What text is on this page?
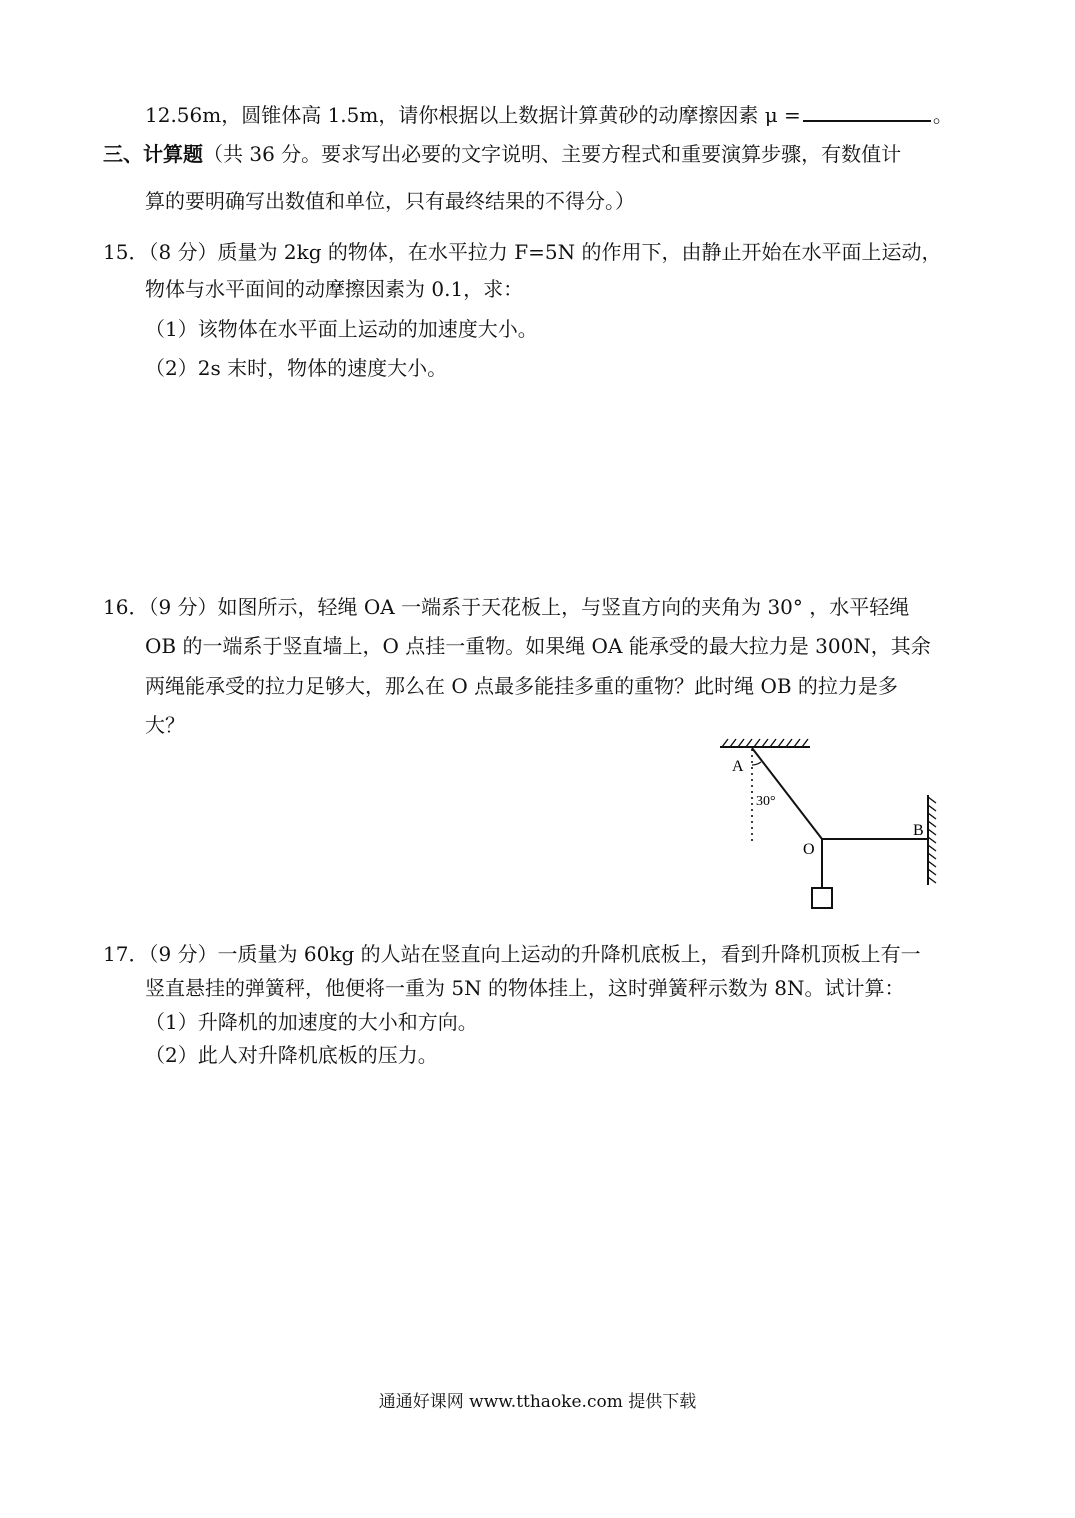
12.56m，圆锥体高 1.5m，请你根据以上数据计算黄砂的动摩擦因素 μ =	。
三、计算题（共 36 分。要求写出必要的文字说明、主要方程式和重要演算步骤，有数值计
算的要明确写出数值和单位，只有最终结果的不得分。）
15．（8 分）质量为 2kg 的物体，在水平拉力 F=5N 的作用下，由静止开始在水平面上运动，
物体与水平面间的动摩擦因素为 0.1，求：
（1）该物体在水平面上运动的加速度大小。
（2）2s 末时，物体的速度大小。
16．（9 分）如图所示，轻绳 OA 一端系于天花板上，与竖直方向的夹角为 30° ，水平轻绳
OB 的一端系于竖直墙上，O 点挂一重物。如果绳 OA 能承受的最大拉力是 300N，其余
两绳能承受的拉力足够大，那么在 O 点最多能挂多重的重物？此时绳 OB 的拉力是多
大？
A
30°
O
B
17．（9 分）一质量为 60kg 的人站在竖直向上运动的升降机底板上，看到升降机顶板上有一
竖直悬挂的弹簧秤，他便将一重为 5N 的物体挂上，这时弹簧秤示数为 8N。试计算：
（1）升降机的加速度的大小和方向。
（2）此人对升降机底板的压力。
通通好课网 www.tthaoke.com 提供下载
